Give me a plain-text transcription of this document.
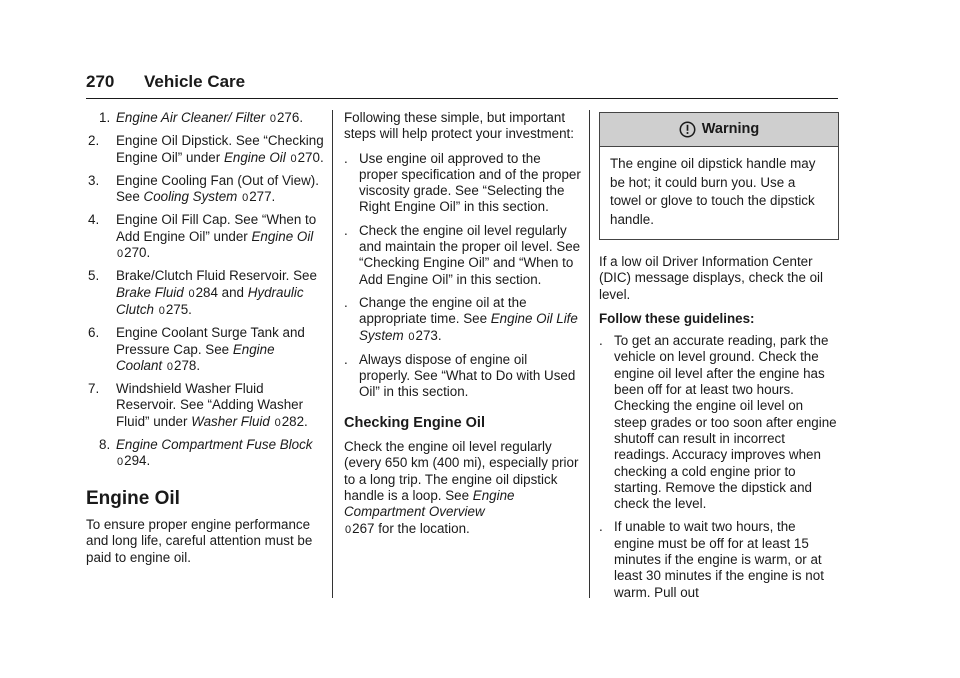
270 Vehicle Care
1. Engine Air Cleaner/ Filter 0276.
2. Engine Oil Dipstick. See “Checking Engine Oil” under Engine Oil 0270.
3. Engine Cooling Fan (Out of View). See Cooling System 0277.
4. Engine Oil Fill Cap. See “When to Add Engine Oil” under Engine Oil 0270.
5. Brake/Clutch Fluid Reservoir. See Brake Fluid 0284 and Hydraulic Clutch 0275.
6. Engine Coolant Surge Tank and Pressure Cap. See Engine Coolant 0278.
7. Windshield Washer Fluid Reservoir. See “Adding Washer Fluid” under Washer Fluid 0282.
8. Engine Compartment Fuse Block 0294.
Engine Oil

To ensure proper engine performance and long life, careful attention must be paid to engine oil.

Following these simple, but important steps will help protect your investment:

. Use engine oil approved to the proper specification and of the proper viscosity grade. See “Selecting the Right Engine Oil” in this section.
. Check the engine oil level regularly and maintain the proper oil level. See “Checking Engine Oil” and “When to Add Engine Oil” in this section.
. Change the engine oil at the appropriate time. See Engine Oil Life System 0273.
. Always dispose of engine oil properly. See “What to Do with Used Oil” in this section.
Checking Engine Oil

Check the engine oil level regularly (every 650 km (400 mi), especially prior to a long trip. The engine oil dipstick handle is a loop. See Engine Compartment Overview
0267 for the location.

Warning
The engine oil dipstick handle may be hot; it could burn you. Use a towel or glove to touch the dipstick handle.

If a low oil Driver Information Center (DIC) message displays, check the oil level.

Follow these guidelines:

. To get an accurate reading, park the vehicle on level ground. Check the engine oil level after the engine has been off for at least two hours. Checking the engine oil level on steep grades or too soon after engine shutoff can result in incorrect readings. Accuracy improves when checking a cold engine prior to starting. Remove the dipstick and check the level.
. If unable to wait two hours, the engine must be off for at least 15 minutes if the engine is warm, or at least 30 minutes if the engine is not warm. Pull out
